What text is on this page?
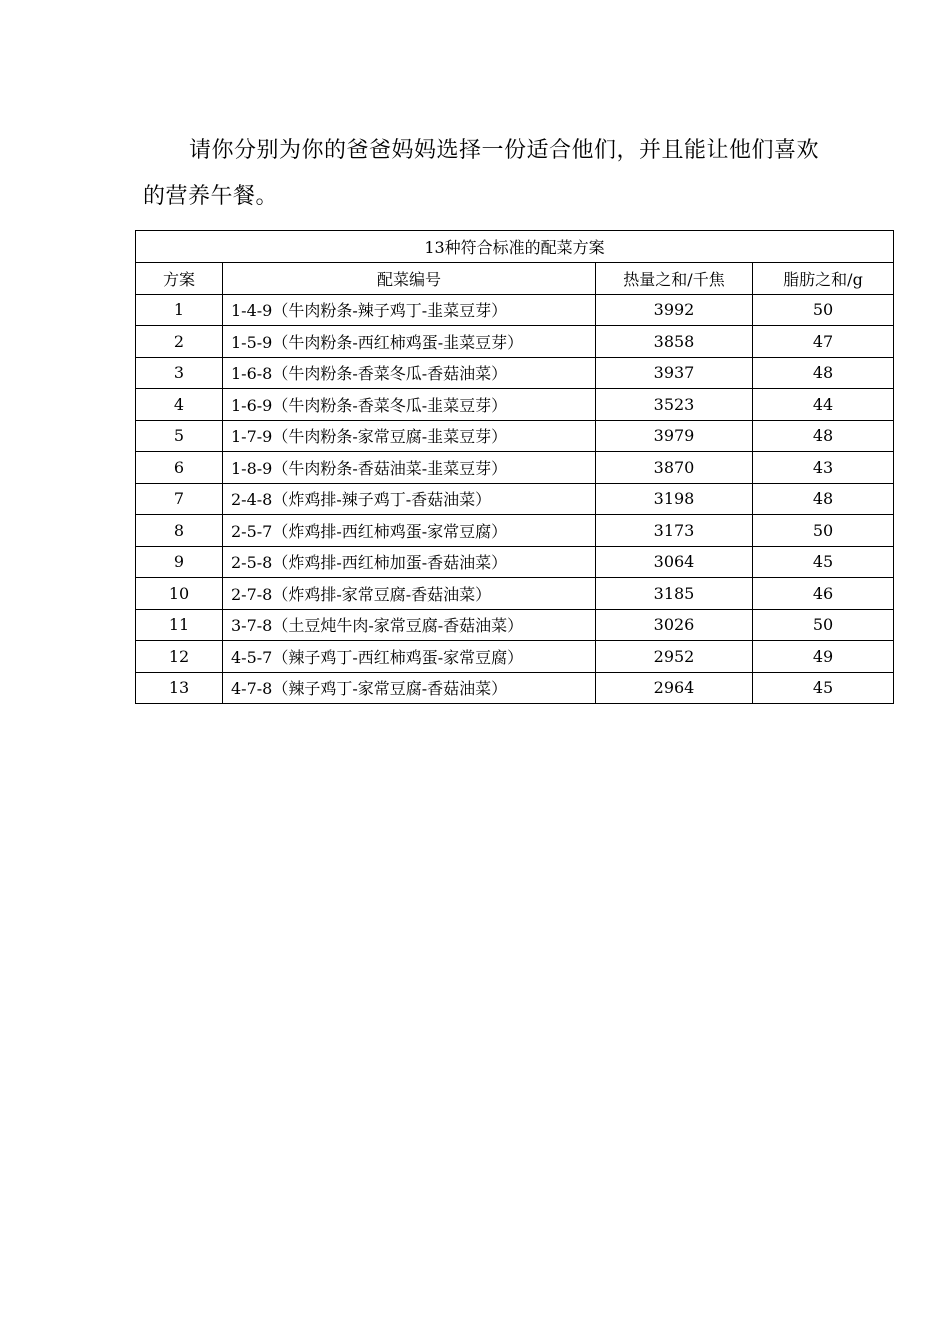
请你分别为你的爸爸妈妈选择一份适合他们，并且能让他们喜欢的营养午餐。

13种符合标准的配菜方案			
方案	配菜编号	热量之和/千焦	脂肪之和/g
1	1-4-9（牛肉粉条-辣子鸡丁-韭菜豆芽）	3992	50
2	1-5-9（牛肉粉条-西红柿鸡蛋-韭菜豆芽）	3858	47
3	1-6-8（牛肉粉条-香菜冬瓜-香菇油菜）	3937	48
4	1-6-9（牛肉粉条-香菜冬瓜-韭菜豆芽）	3523	44
5	1-7-9（牛肉粉条-家常豆腐-韭菜豆芽）	3979	48
6	1-8-9（牛肉粉条-香菇油菜-韭菜豆芽）	3870	43
7	2-4-8（炸鸡排-辣子鸡丁-香菇油菜）	3198	48
8	2-5-7（炸鸡排-西红柿鸡蛋-家常豆腐）	3173	50
9	2-5-8（炸鸡排-西红柿加蛋-香菇油菜）	3064	45
10	2-7-8（炸鸡排-家常豆腐-香菇油菜）	3185	46
11	3-7-8（土豆炖牛肉-家常豆腐-香菇油菜）	3026	50
12	4-5-7（辣子鸡丁-西红柿鸡蛋-家常豆腐）	2952	49
13	4-7-8（辣子鸡丁-家常豆腐-香菇油菜）	2964	45
